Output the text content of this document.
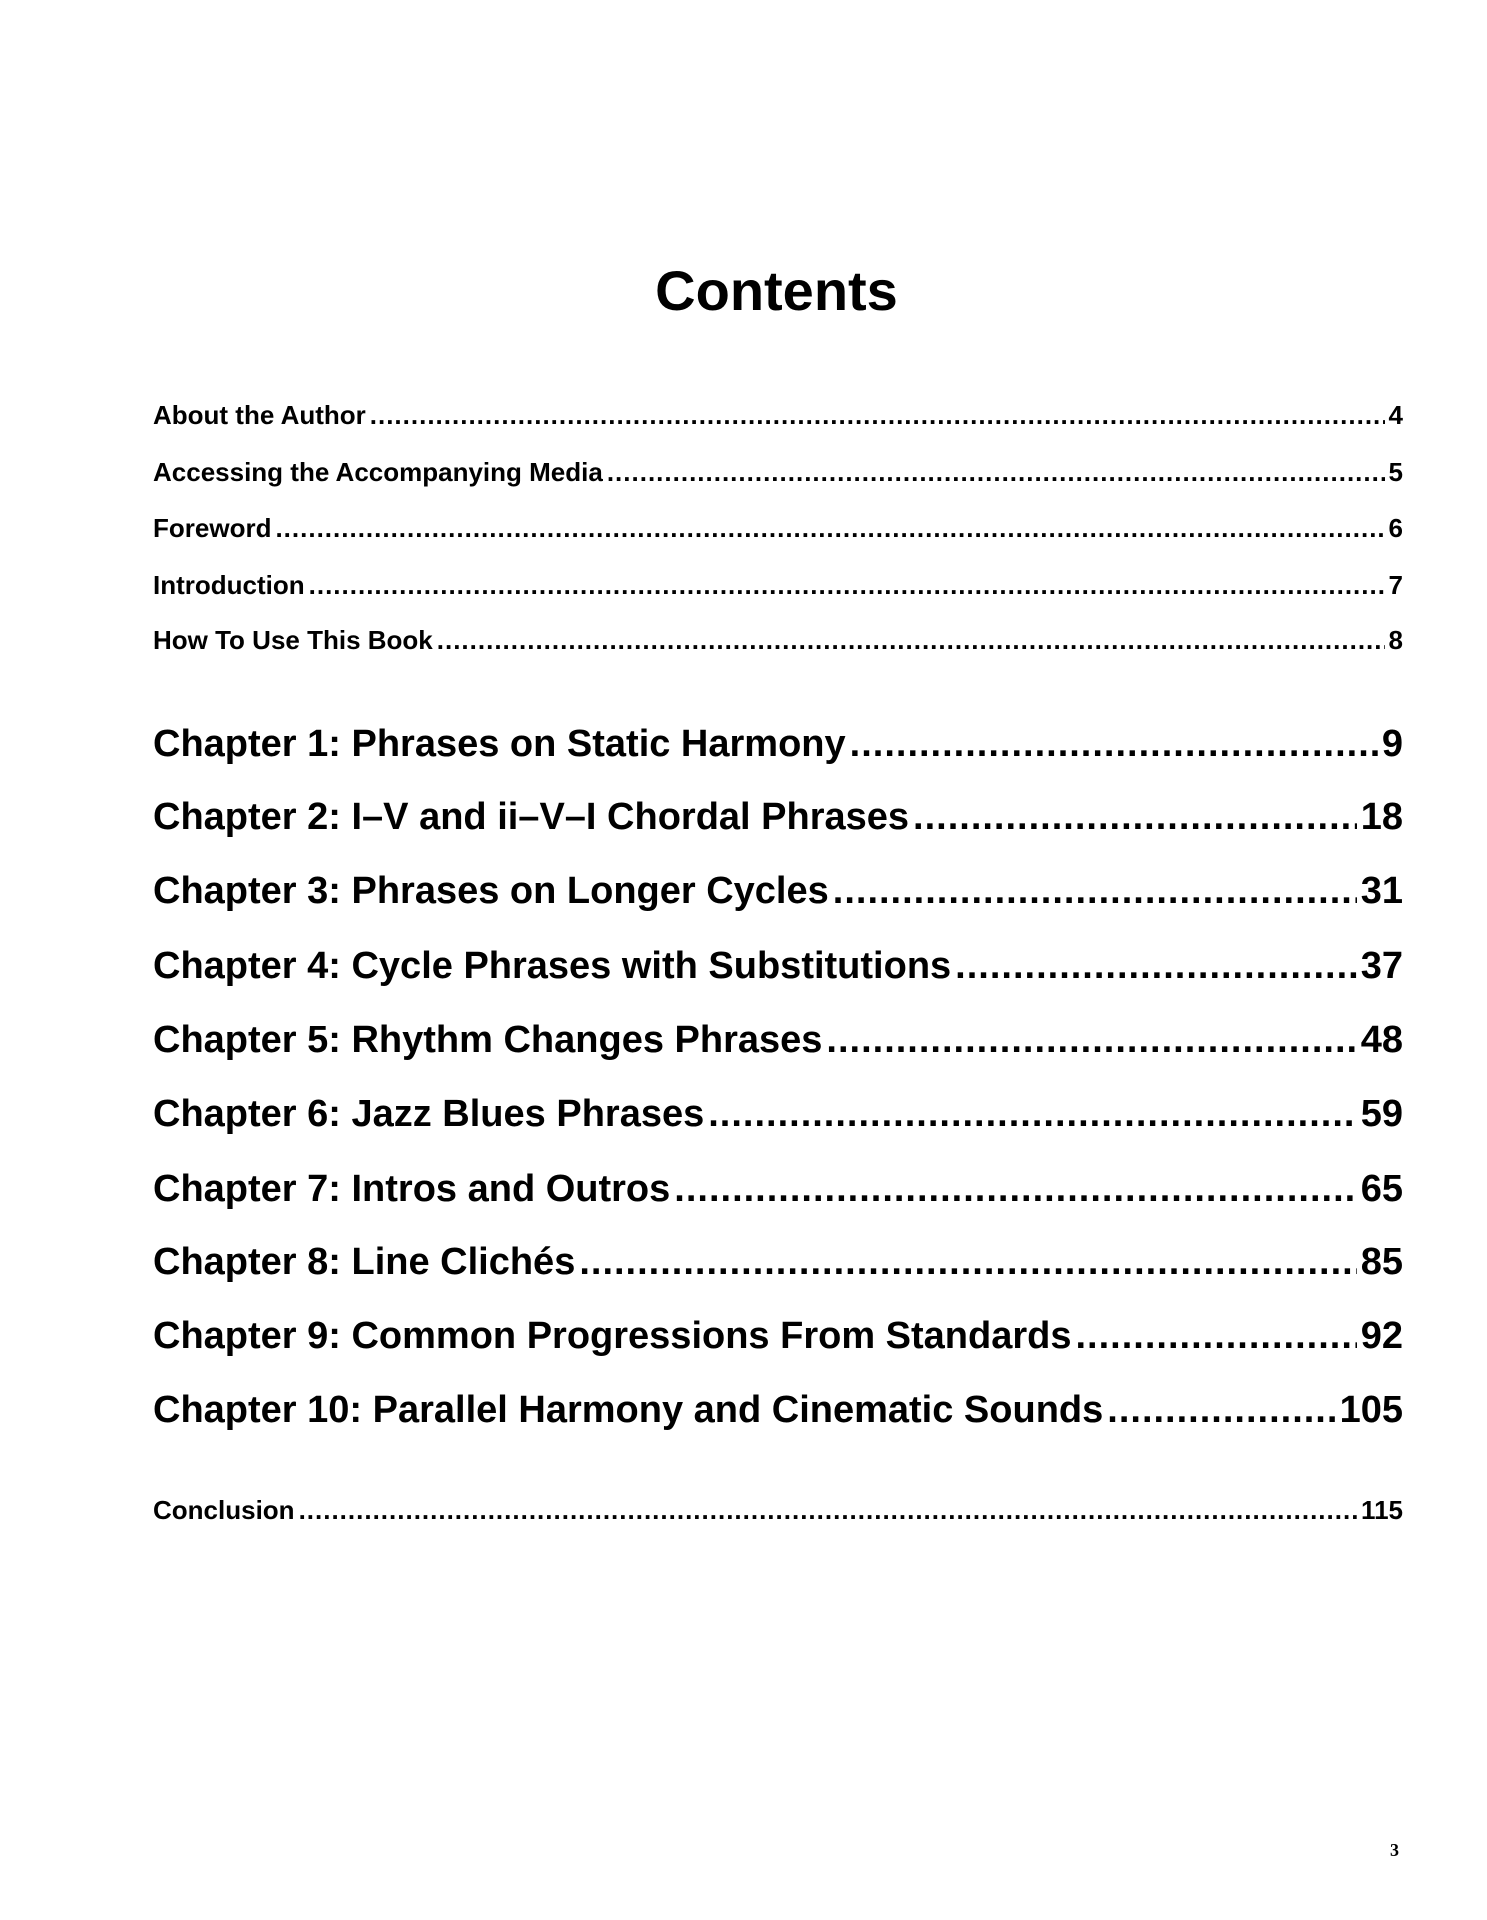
Contents
About the Author .....	4
Accessing the Accompanying Media .....	5
Foreword .....	6
Introduction .....	7
How To Use This Book .....	8
Chapter 1: Phrases on Static Harmony .....	9
Chapter 2: I–V and ii–V–I Chordal Phrases .....	18
Chapter 3: Phrases on Longer Cycles .....	31
Chapter 4: Cycle Phrases with Substitutions .....	37
Chapter 5: Rhythm Changes Phrases .....	48
Chapter 6: Jazz Blues Phrases .....	59
Chapter 7: Intros and Outros .....	65
Chapter 8: Line Clichés .....	85
Chapter 9: Common Progressions From Standards .....	92
Chapter 10: Parallel Harmony and Cinematic Sounds .....	105
Conclusion .....	115
3
